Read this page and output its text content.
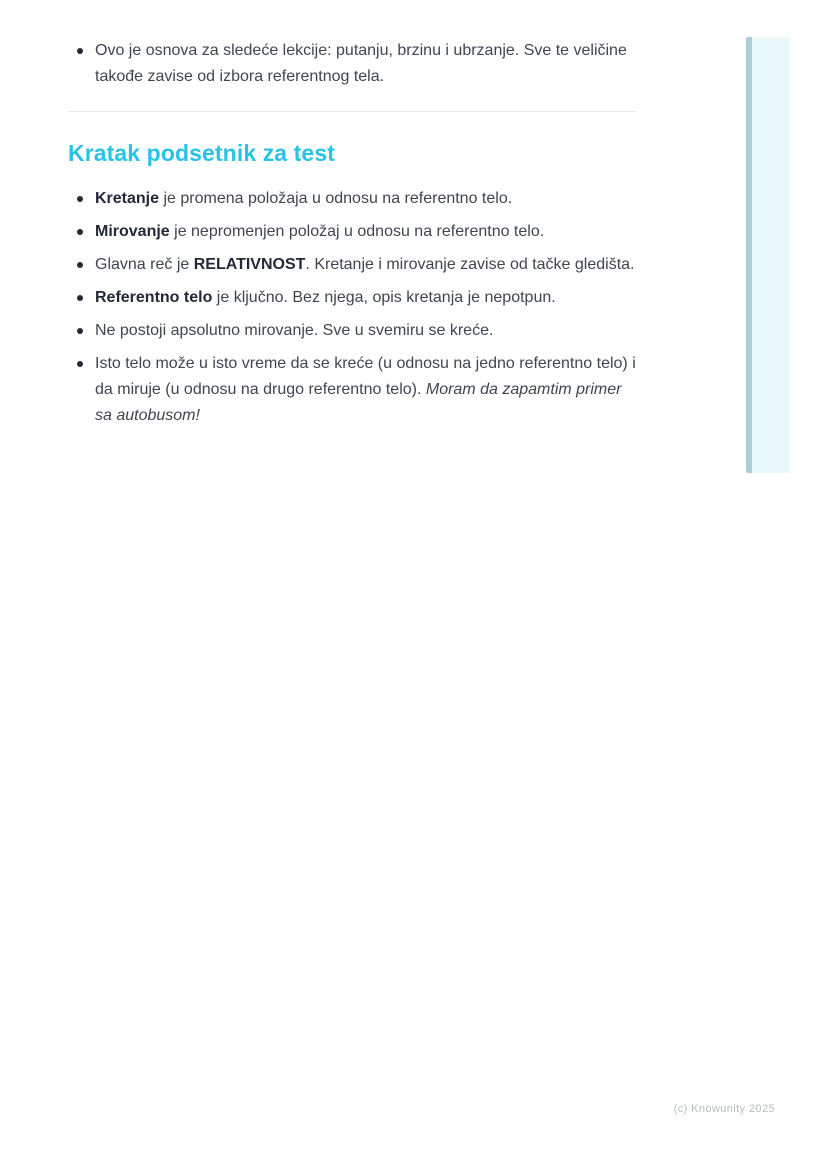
Ovo je osnova za sledeće lekcije: putanju, brzinu i ubrzanje. Sve te veličine takođe zavise od izbora referentnog tela.
Kratak podsetnik za test
Kretanje je promena položaja u odnosu na referentno telo.
Mirovanje je nepromenjen položaj u odnosu na referentno telo.
Glavna reč je RELATIVNOST. Kretanje i mirovanje zavise od tačke gledišta.
Referentno telo je ključno. Bez njega, opis kretanja je nepotpun.
Ne postoji apsolutno mirovanje. Sve u svemiru se kreće.
Isto telo može u isto vreme da se kreće (u odnosu na jedno referentno telo) i da miruje (u odnosu na drugo referentno telo). Moram da zapamtim primer sa autobusom!
(c) Knowunity 2025
